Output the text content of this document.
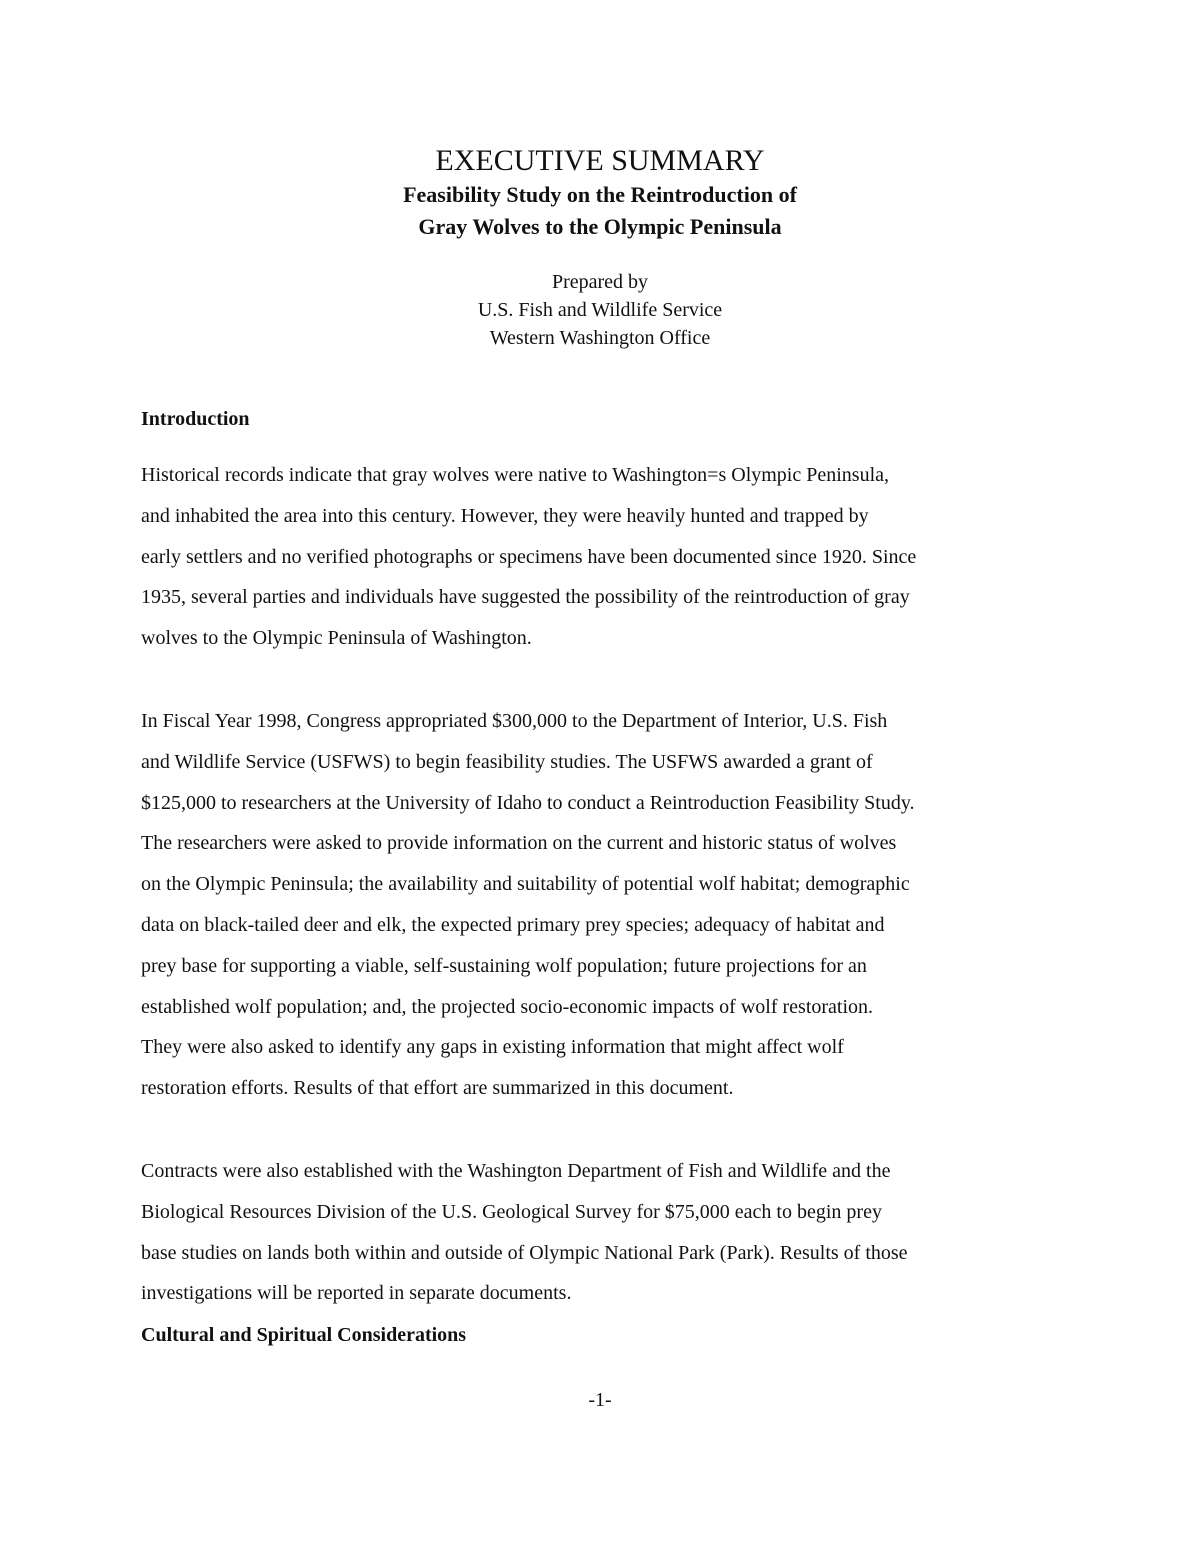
EXECUTIVE SUMMARY

Feasibility Study on the Reintroduction of

Gray Wolves to the Olympic Peninsula

Prepared by

U.S. Fish and Wildlife Service

Western Washington Office

Introduction

Historical records indicate that gray wolves were native to Washington=s Olympic Peninsula,
and inhabited the area into this century. However, they were heavily hunted and trapped by
early settlers and no verified photographs or specimens have been documented since 1920. Since
1935, several parties and individuals have suggested the possibility of the reintroduction of gray
wolves to the Olympic Peninsula of Washington.

In Fiscal Year 1998, Congress appropriated $300,000 to the Department of Interior, U.S. Fish
and Wildlife Service (USFWS) to begin feasibility studies. The USFWS awarded a grant of
$125,000 to researchers at the University of Idaho to conduct a Reintroduction Feasibility Study.
The researchers were asked to provide information on the current and historic status of wolves
on the Olympic Peninsula; the availability and suitability of potential wolf habitat; demographic
data on black-tailed deer and elk, the expected primary prey species; adequacy of habitat and
prey base for supporting a viable, self-sustaining wolf population; future projections for an
established wolf population; and, the projected socio-economic impacts of wolf restoration.
They were also asked to identify any gaps in existing information that might affect wolf
restoration efforts. Results of that effort are summarized in this document.

Contracts were also established with the Washington Department of Fish and Wildlife and the
Biological Resources Division of the U.S. Geological Survey for $75,000 each to begin prey
base studies on lands both within and outside of Olympic National Park (Park). Results of those
investigations will be reported in separate documents.

Cultural and Spiritual Considerations

-1-
